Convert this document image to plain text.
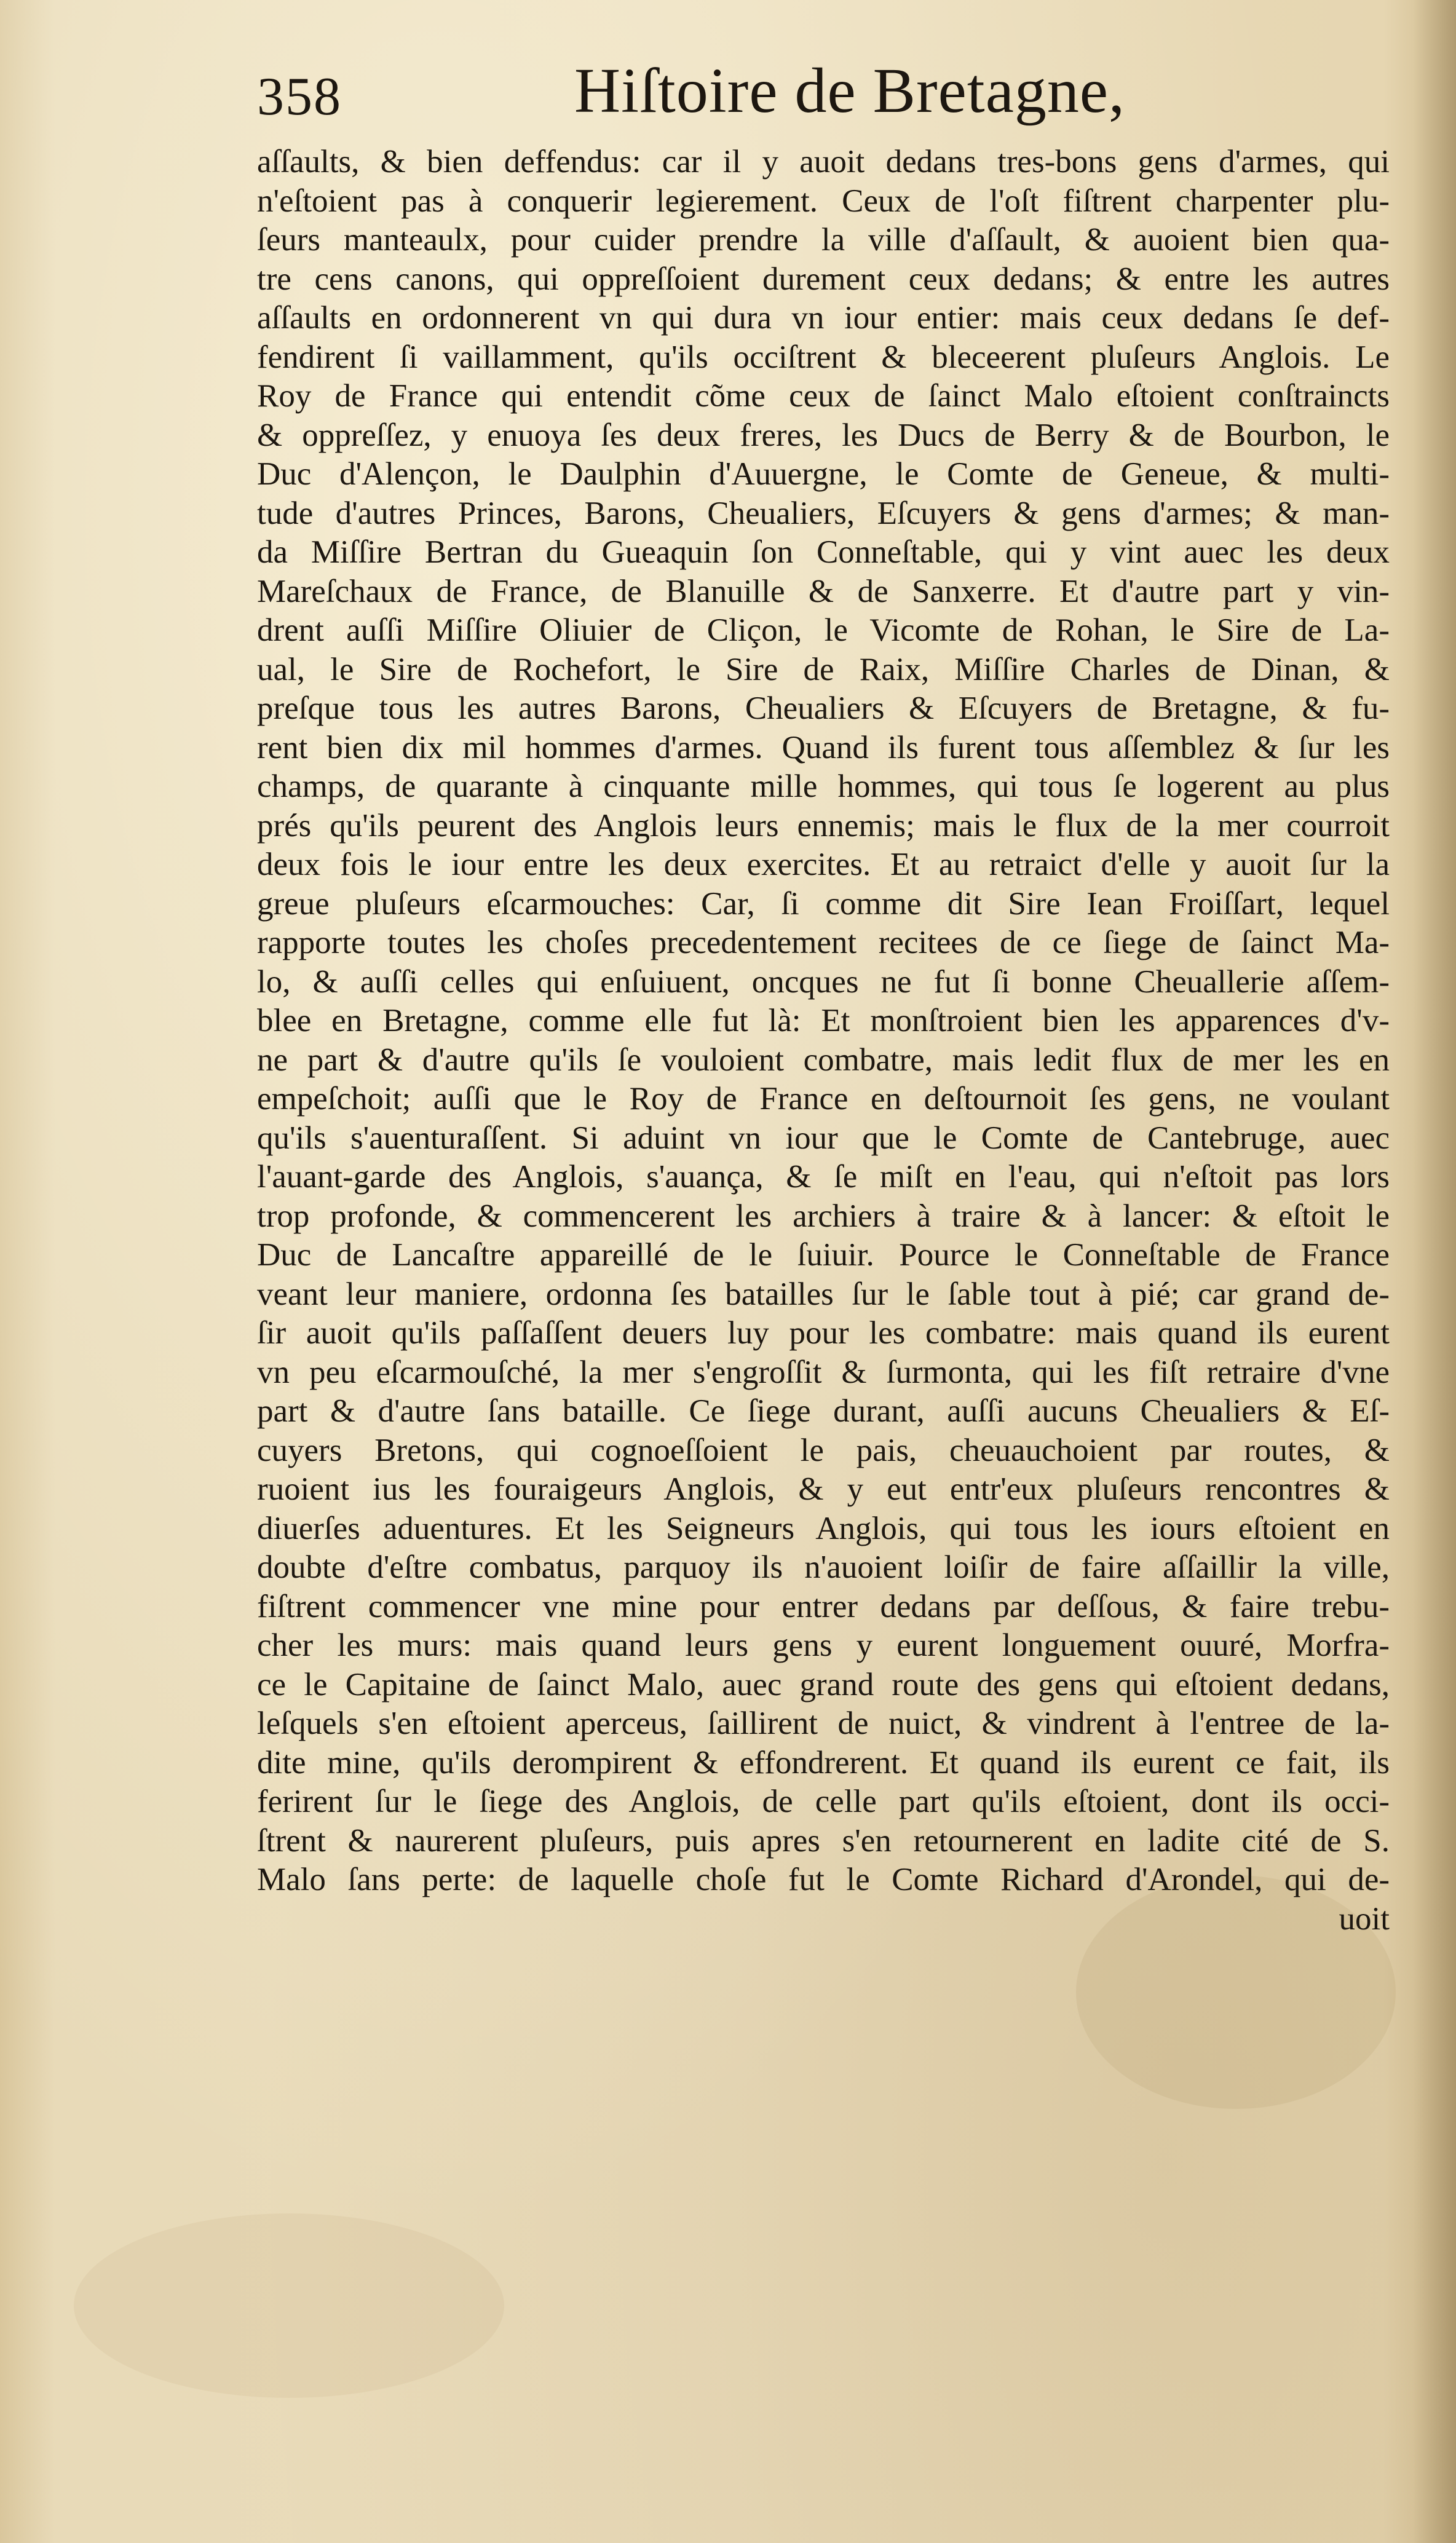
358	Hiſtoire de Bretagne,
aſſaults, & bien deffendus: car il y auoit dedans tres-bons gens d'armes, qui
n'eſtoient pas à conquerir legierement. Ceux de l'oſt fiſtrent charpenter plu-
ſeurs manteaulx, pour cuider prendre la ville d'aſſault, & auoient bien qua-
tre cens canons, qui oppreſſoient durement ceux dedans; & entre les autres
aſſaults en ordonnerent vn qui dura vn iour entier: mais ceux dedans ſe def-
fendirent ſi vaillamment, qu'ils occiſtrent & bleceerent pluſeurs Anglois. Le
Roy de France qui entendit cõme ceux de ſainct Malo eſtoient conſtraincts
& oppreſſez, y enuoya ſes deux freres, les Ducs de Berry & de Bourbon, le
Duc d'Alençon, le Daulphin d'Auuergne, le Comte de Geneue, & multi-
tude d'autres Princes, Barons, Cheualiers, Eſcuyers & gens d'armes; & man-
da Miſſire Bertran du Gueaquin ſon Conneſtable, qui y vint auec les deux
Mareſchaux de France, de Blanuille & de Sanxerre. Et d'autre part y vin-
drent auſſi Miſſire Oliuier de Cliçon, le Vicomte de Rohan, le Sire de La-
ual, le Sire de Rochefort, le Sire de Raix, Miſſire Charles de Dinan, &
preſque tous les autres Barons, Cheualiers & Eſcuyers de Bretagne, & fu-
rent bien dix mil hommes d'armes. Quand ils furent tous aſſemblez & ſur les
champs, de quarante à cinquante mille hommes, qui tous ſe logerent au plus
prés qu'ils peurent des Anglois leurs ennemis; mais le flux de la mer courroit
deux fois le iour entre les deux exercites. Et au retraict d'elle y auoit ſur la
greue pluſeurs eſcarmouches: Car, ſi comme dit Sire Iean Froiſſart, lequel
rapporte toutes les choſes precedentement recitees de ce ſiege de ſainct Ma-
lo, & auſſi celles qui enſuiuent, oncques ne fut ſi bonne Cheuallerie aſſem-
blee en Bretagne, comme elle fut là: Et monſtroient bien les apparences d'v-
ne part & d'autre qu'ils ſe vouloient combatre, mais ledit flux de mer les en
empeſchoit; auſſi que le Roy de France en deſtournoit ſes gens, ne voulant
qu'ils s'auenturaſſent. Si aduint vn iour que le Comte de Cantebruge, auec
l'auant-garde des Anglois, s'auança, & ſe miſt en l'eau, qui n'eſtoit pas lors
trop profonde, & commencerent les archiers à traire & à lancer: & eſtoit le
Duc de Lancaſtre appareillé de le ſuiuir. Pource le Conneſtable de France
veant leur maniere, ordonna ſes batailles ſur le ſable tout à pié; car grand de-
ſir auoit qu'ils paſſaſſent deuers luy pour les combatre: mais quand ils eurent
vn peu eſcarmouſché, la mer s'engroſſit & ſurmonta, qui les fiſt retraire d'vne
part & d'autre ſans bataille. Ce ſiege durant, auſſi aucuns Cheualiers & Eſ-
cuyers Bretons, qui cognoeſſoient le pais, cheuauchoient par routes, &
ruoient ius les fouraigeurs Anglois, & y eut entr'eux pluſeurs rencontres &
diuerſes aduentures. Et les Seigneurs Anglois, qui tous les iours eſtoient en
doubte d'eſtre combatus, parquoy ils n'auoient loiſir de faire aſſaillir la ville,
fiſtrent commencer vne mine pour entrer dedans par deſſous, & faire trebu-
cher les murs: mais quand leurs gens y eurent longuement ouuré, Morfra-
ce le Capitaine de ſainct Malo, auec grand route des gens qui eſtoient dedans,
leſquels s'en eſtoient aperceus, ſaillirent de nuict, & vindrent à l'entree de la-
dite mine, qu'ils derompirent & effondrerent. Et quand ils eurent ce fait, ils
ferirent ſur le ſiege des Anglois, de celle part qu'ils eſtoient, dont ils occi-
ſtrent & naurerent pluſeurs, puis apres s'en retournerent en ladite cité de S.
Malo ſans perte: de laquelle choſe fut le Comte Richard d'Arondel, qui de-
uoit
